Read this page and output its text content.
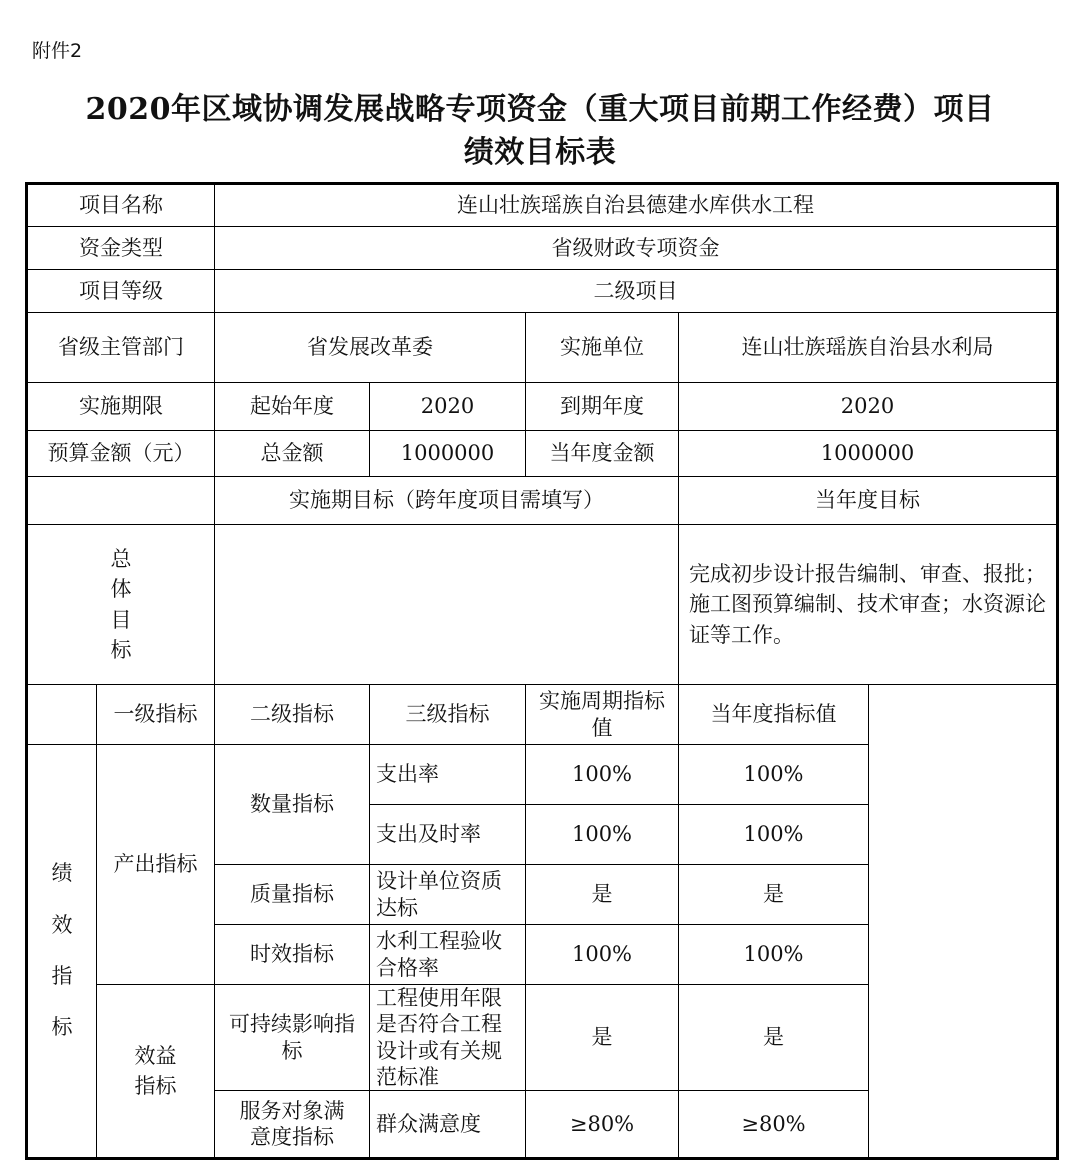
附件2
2020年区域协调发展战略专项资金（重大项目前期工作经费）项目
绩效目标表
项目名称		连山壮族瑶族自治县德建水库供水工程			
资金类型		省级财政专项资金			
项目等级		二级项目			
省级主管部门		省发展改革委		实施单位	连山壮族瑶族自治县水利局
实施期限		起始年度	2020	到期年度	2020
预算金额（元）		总金额	1000000	当年度金额	1000000
		实施期目标（跨年度项目需填写）			当年度目标

总体目标					完成初步设计报告编制、审查、报批；施工图预算编制、技术审查；水资源论证等工作。

	一级指标	二级指标	三级指标	实施周期指标值	当年度指标值

绩效指标	产出指标	数量指标	支出率	100%	100%
			支出及时率	100%	100%
		质量指标	设计单位资质达标	是	是
		时效指标	水利工程验收合格率	100%	100%

	效益指标	可持续影响指标	工程使用年限是否符合工程设计或有关规范标准	是	是

		服务对象满意度指标	群众满意度	≥80%	≥80%
